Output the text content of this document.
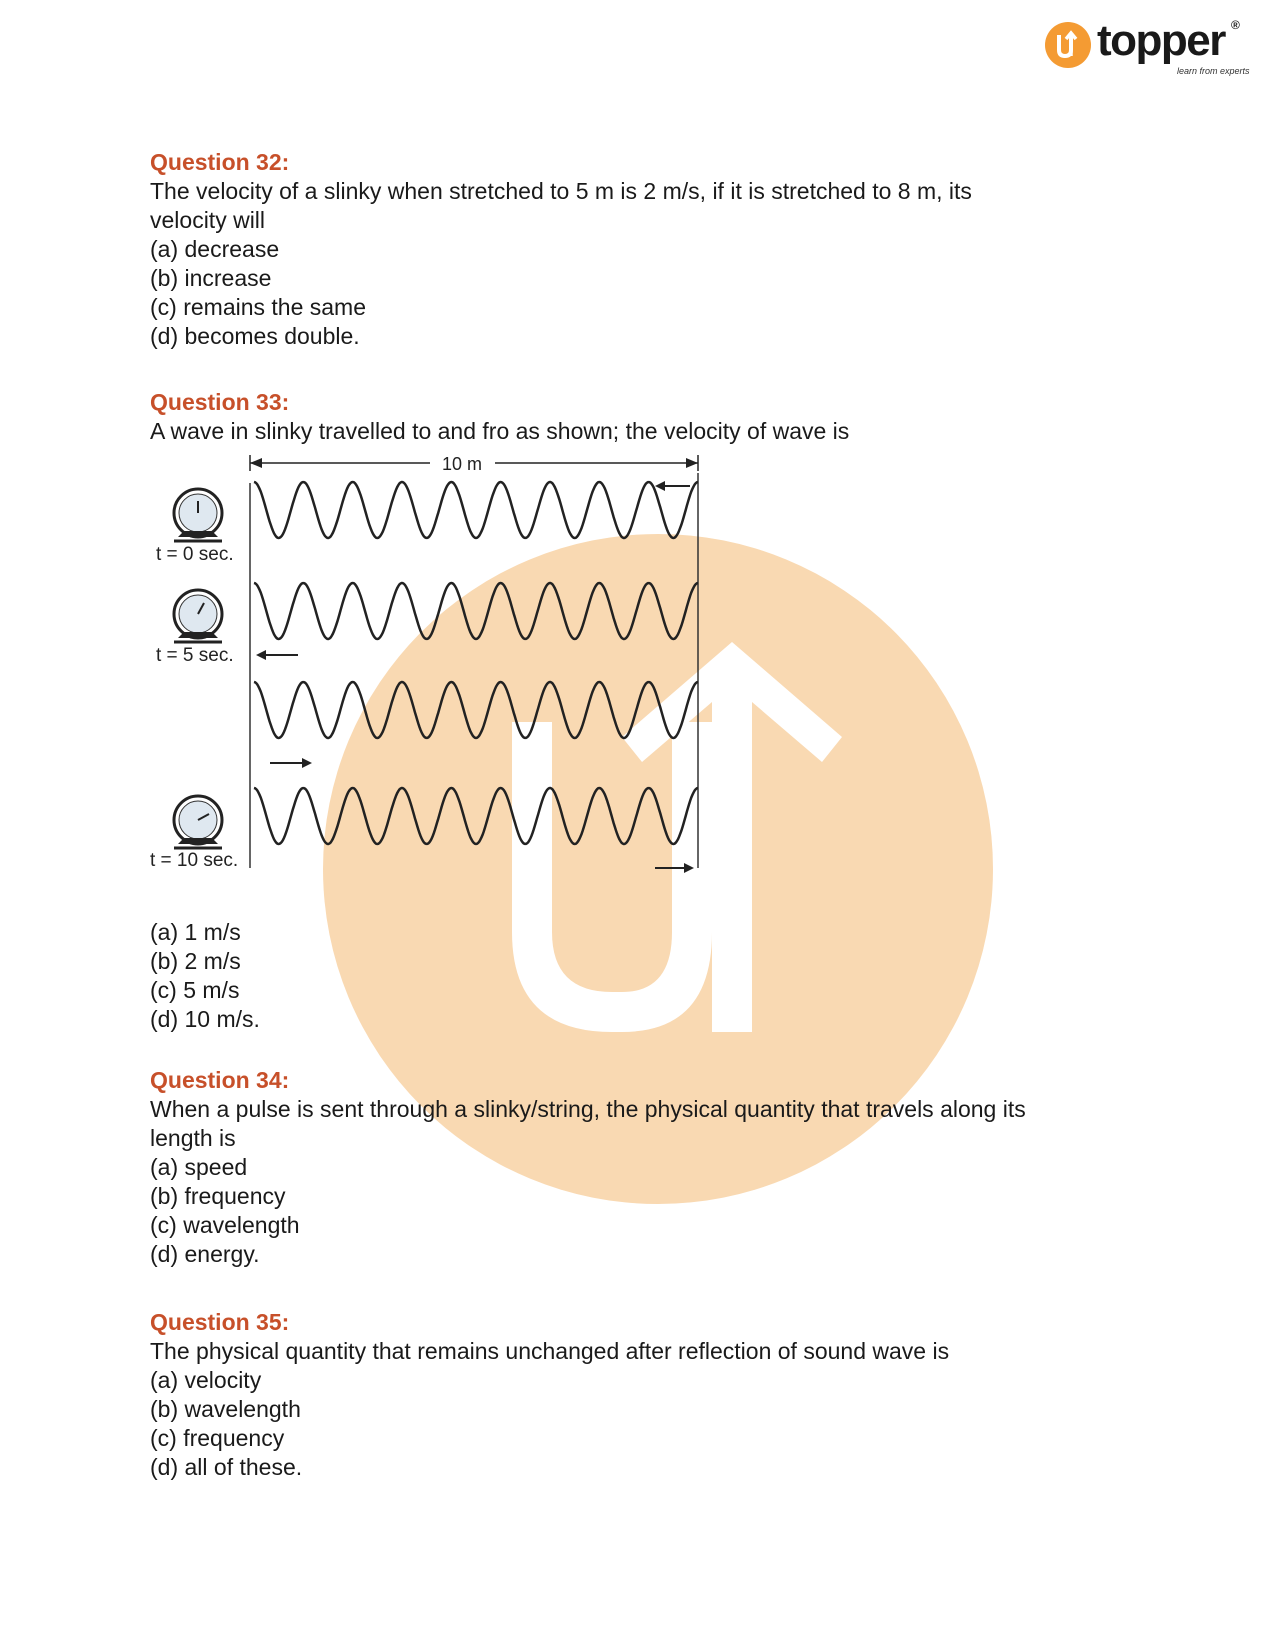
topper ®
learn from experts
Question 32:
The velocity of a slinky when stretched to 5 m is 2 m/s, if it is stretched to 8 m, its
velocity will
(a) decrease
(b) increase
(c) remains the same
(d) becomes double.
Question 33:
A wave in slinky travelled to and fro as shown; the velocity of wave is
10 m
t = 0 sec.
t = 5 sec.
t = 10 sec.
(a) 1 m/s
(b) 2 m/s
(c) 5 m/s
(d) 10 m/s.
Question 34:
When a pulse is sent through a slinky/string, the physical quantity that travels along its
length is
(a) speed
(b) frequency
(c) wavelength
(d) energy.
Question 35:
The physical quantity that remains unchanged after reflection of sound wave is
(a) velocity
(b) wavelength
(c) frequency
(d) all of these.
